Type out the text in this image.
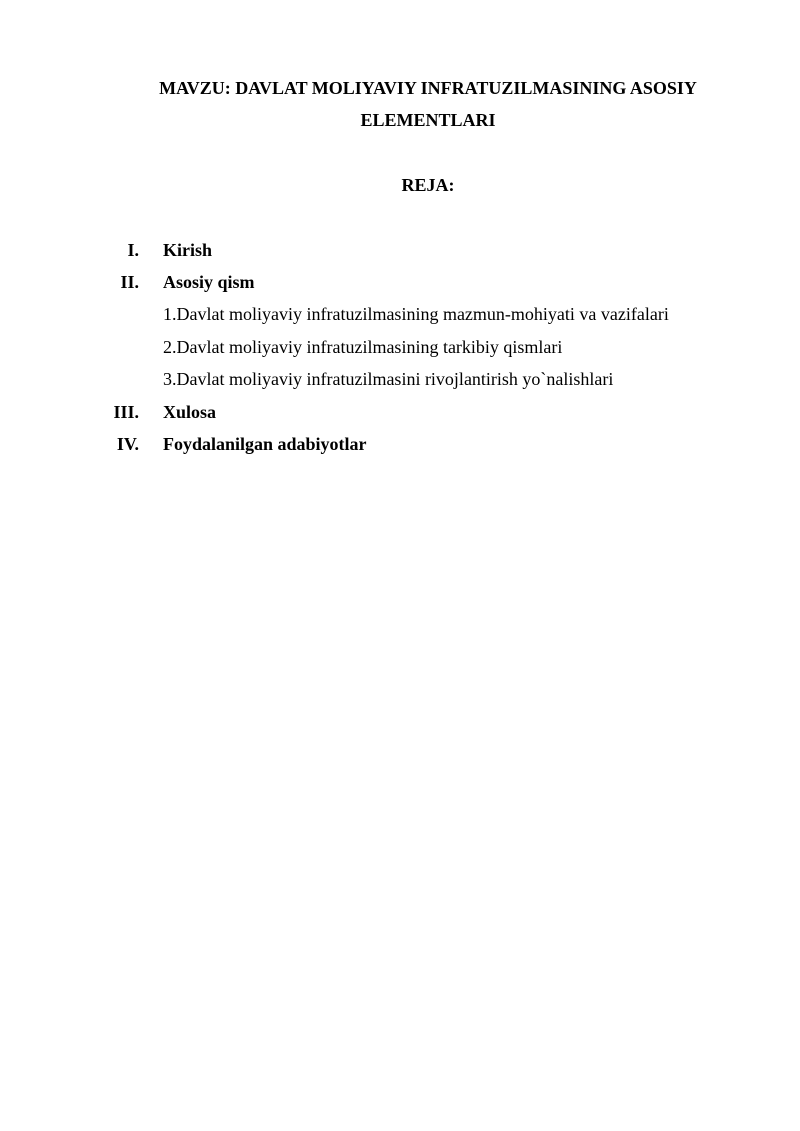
MAVZU: DAVLAT MOLIYAVIY INFRATUZILMASINING ASOSIY
ELEMENTLARI
REJA:
I. Kirish
II. Asosiy qism
1.Davlat moliyaviy infratuzilmasining mazmun-mohiyati va vazifalari
2.Davlat moliyaviy infratuzilmasining tarkibiy qismlari
3.Davlat moliyaviy infratuzilmasini rivojlantirish yo`nalishlari
III. Xulosa
IV. Foydalanilgan adabiyotlar
